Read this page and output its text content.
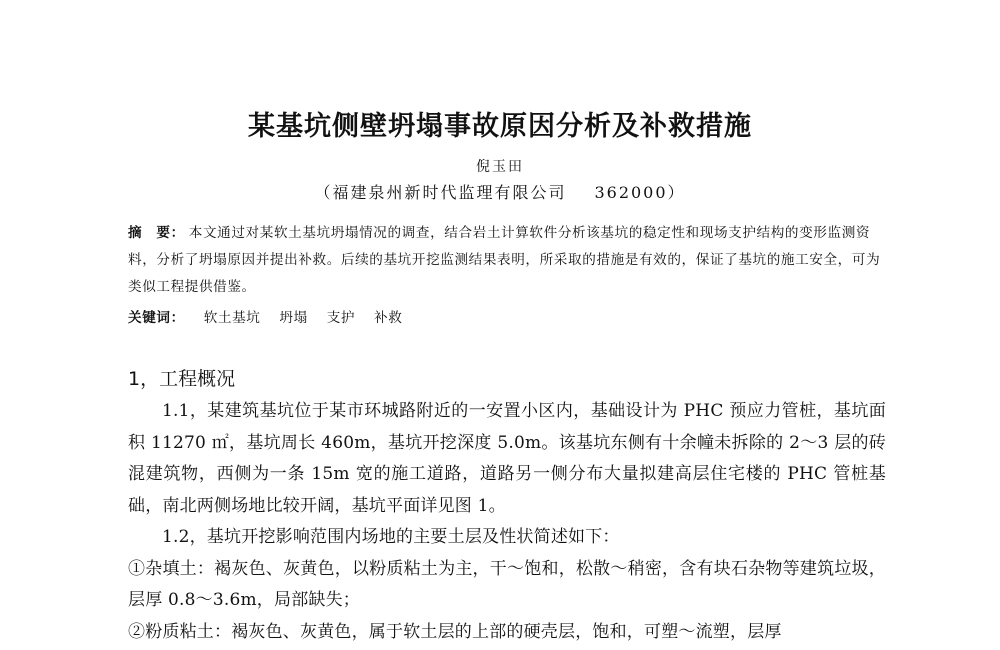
某基坑侧壁坍塌事故原因分析及补救措施
倪玉田
（福建泉州新时代监理有限公司 362000）
摘　要： 本文通过对某软土基坑坍塌情况的调查，结合岩土计算软件分析该基坑的稳定性和现场支护结构的变形监测资料，分析了坍塌原因并提出补救。后续的基坑开挖监测结果表明，所采取的措施是有效的，保证了基坑的施工安全，可为类似工程提供借鉴。
关键词： 软土基坑 坍塌 支护 补救
1，工程概况

1.1，某建筑基坑位于某市环城路附近的一安置小区内，基础设计为 PHC 预应力管桩，基坑面积 11270 ㎡，基坑周长 460m，基坑开挖深度 5.0m。该基坑东侧有十余幢未拆除的 2～3 层的砖混建筑物，西侧为一条 15m 宽的施工道路，道路另一侧分布大量拟建高层住宅楼的 PHC 管桩基础，南北两侧场地比较开阔，基坑平面详见图 1。

1.2，基坑开挖影响范围内场地的主要土层及性状简述如下：

①杂填土：褐灰色、灰黄色，以粉质粘土为主，干～饱和，松散～稍密，含有块石杂物等建筑垃圾，层厚 0.8～3.6m，局部缺失；

②粉质粘土：褐灰色、灰黄色，属于软土层的上部的硬壳层，饱和，可塑～流塑，层厚
